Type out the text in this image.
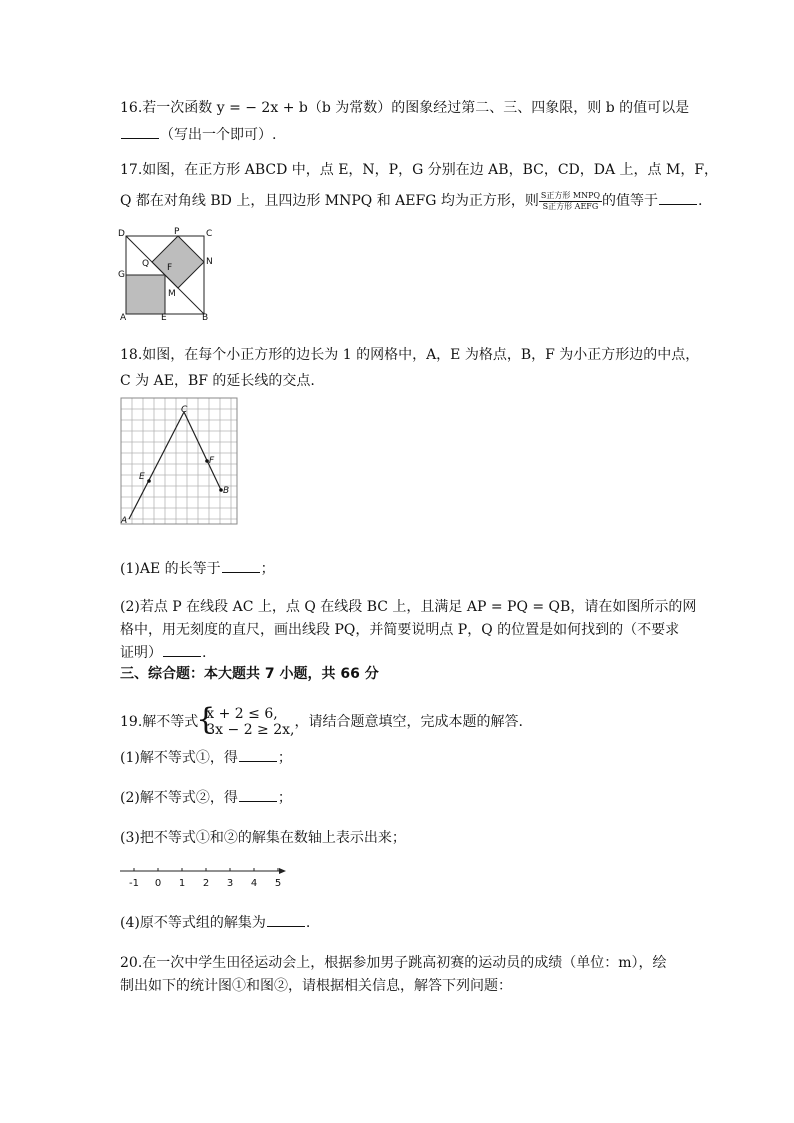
16.若一次函数 y = − 2x + b（b 为常数）的图象经过第二、三、四象限，则 b 的值可以是
（写出一个即可）.
17.如图，在正方形 ABCD 中，点 E，N，P，G 分别在边 AB，BC，CD，DA 上，点 M，F，
Q 都在对角线 BD 上，且四边形 MNPQ 和 AEFG 均为正方形，则 $\frac{\text{S正方形 MNPQ}}{\text{S正方形 AEFG}}$ 的值等于	.
D	P	C
Q F
N
G
M
A	E	B
18.如图，在每个小正方形的边长为 1 的网格中，A，E 为格点，B，F 为小正方形边的中点，
C 为 AE，BF 的延长线的交点.
A
E
C
F
B
(1)AE 的长等于	；
(2)若点 P 在线段 AC 上，点 Q 在线段 BC 上，且满足 AP = PQ = QB，请在如图所示的网
格中，用无刻度的直尺，画出线段 PQ，并简要说明点 P，Q 的位置是如何找到的（不要求
证明）	.
三、综合题：本大题共 7 小题，共 66 分
19.解不等式
{
x + 2 ≤ 6,
3x − 2 ≥ 2x, ，请结合题意填空，完成本题的解答.
(1)解不等式①，得	；
(2)解不等式②，得	；
(3)把不等式①和②的解集在数轴上表示出来；
-1 0 1 2 3 4 5
(4)原不等式组的解集为	.
20.在一次中学生田径运动会上，根据参加男子跳高初赛的运动员的成绩（单位：m），绘
制出如下的统计图①和图②，请根据相关信息，解答下列问题：
